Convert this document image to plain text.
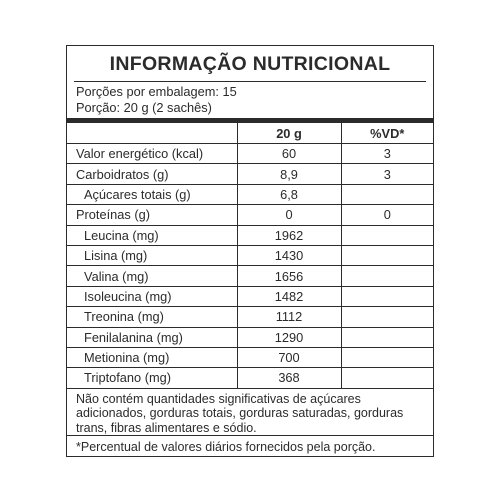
INFORMAÇÃO NUTRICIONAL
Porções por embalagem: 15
Porção: 20 g (2 sachês)
	20 g	%VD*
Valor energético (kcal)	60	3
Carboidratos (g)	8,9	3
Açúcares totais (g)	6,8	
Proteínas (g)	0	0
Leucina (mg)	1962	
Lisina (mg)	1430	
Valina (mg)	1656	
Isoleucina (mg)	1482	
Treonina (mg)	1112	
Fenilalanina (mg)	1290	
Metionina (mg)	700	
Triptofano (mg)	368	
Não contém quantidades significativas de açúcares adicionados, gorduras totais, gorduras saturadas, gorduras trans, fibras alimentares e sódio.
*Percentual de valores diários fornecidos pela porção.
